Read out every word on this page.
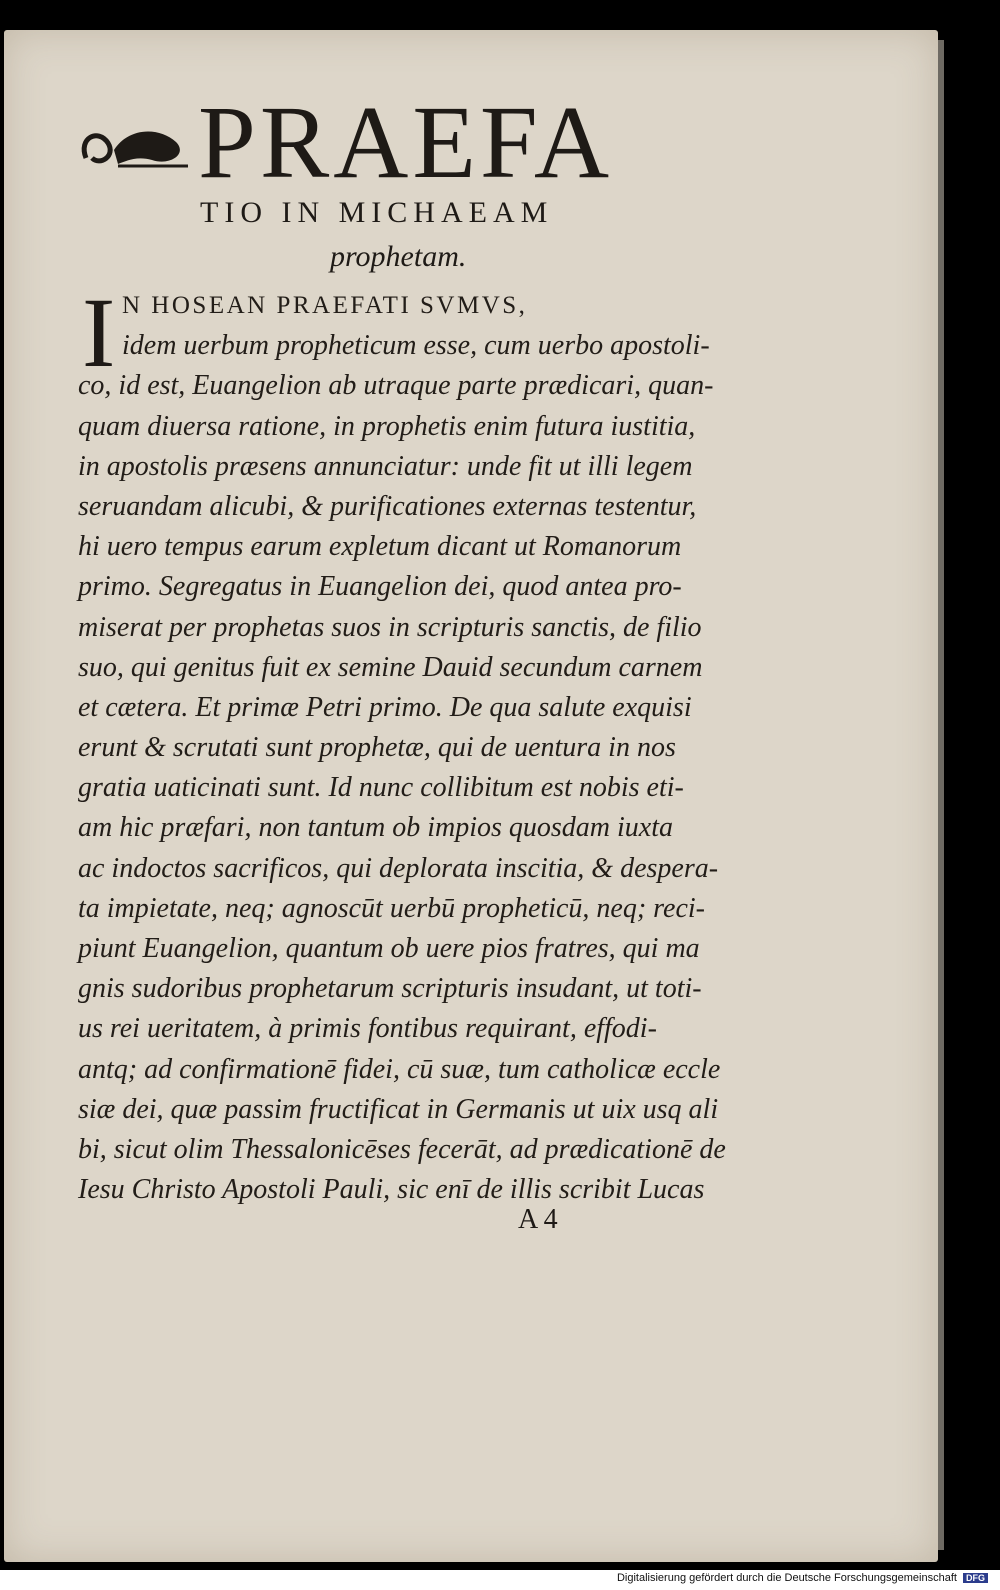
PRAEFA
TIO IN MICHAEAM
prophetam.
I N HOSEAN PRAEFATI SVMVS,
idem uerbum propheticum esse, cum uerbo apostoli-
co, id est, Euangelion ab utraque parte prædicari, quan-
quam diuersa ratione, in prophetis enim futura iustitia,
in apostolis præsens annunciatur: unde fit ut illi legem
seruandam alicubi, & purificationes externas testentur,
hi uero tempus earum expletum dicant ut Romanorum
primo. Segregatus in Euangelion dei, quod antea pro-
miserat per prophetas suos in scripturis sanctis, de filio
suo, qui genitus fuit ex semine Dauid secundum carnem
et cætera. Et primæ Petri primo. De qua salute exquisi
erunt & scrutati sunt prophetæ, qui de uentura in nos
gratia uaticinati sunt. Id nunc collibitum est nobis eti-
am hic præfari, non tantum ob impios quosdam iuxta
ac indoctos sacrificos, qui deplorata inscitia, & despera-
ta impietate, neq; agnoscūt uerbū propheticū, neq; reci-
piunt Euangelion, quantum ob uere pios fratres, qui ma
gnis sudoribus prophetarum scripturis insudant, ut toti-
us rei ueritatem, à primis fontibus requirant, effodi-
antq; ad confirmationē fidei, cū suæ, tum catholicæ eccle
siæ dei, quæ passim fructificat in Germanis ut uix usq ali
bi, sicut olim Thessalonicēses fecerāt, ad prædicationē de
Iesu Christo Apostoli Pauli, sic enī de illis scribit Lucas
A 4
Digitalisierung gefördert durch die Deutsche Forschungsgemeinschaft DFG
